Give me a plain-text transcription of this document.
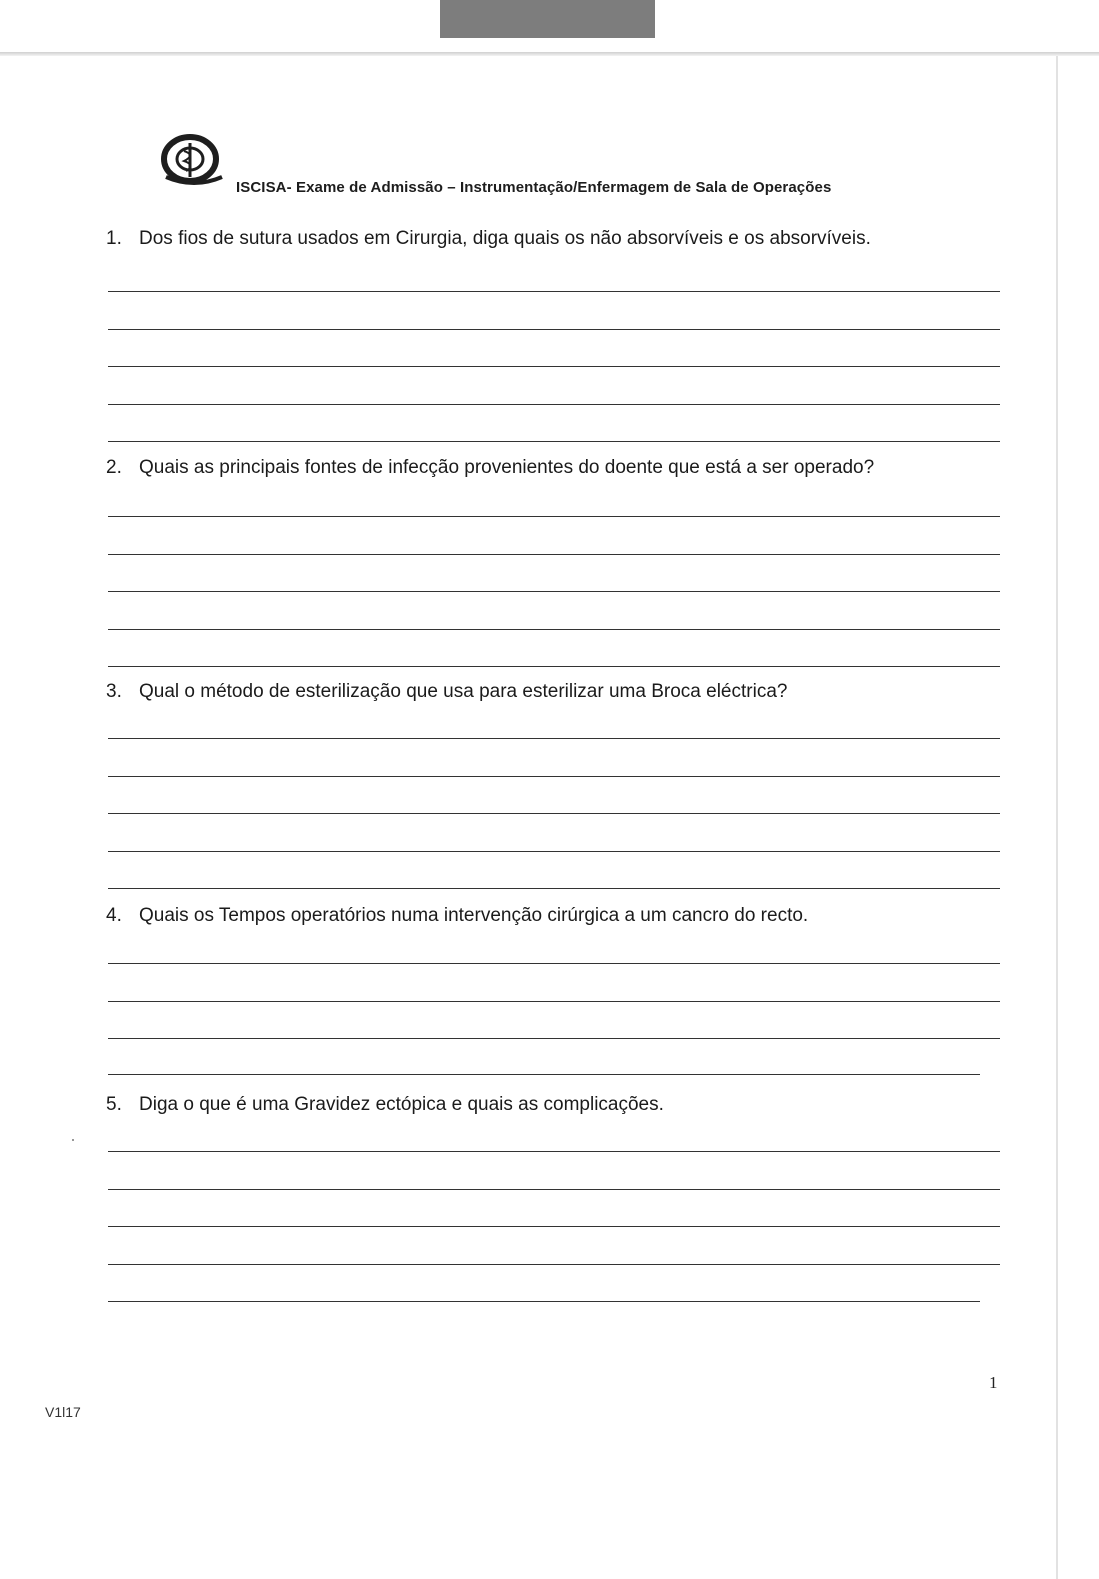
ISCISA- Exame de Admissão – Instrumentação/Enfermagem de Sala de Operações
1. Dos fios de sutura usados em Cirurgia, diga quais os não absorvíveis e os absorvíveis.
2. Quais as principais fontes de infecção provenientes do doente que está a ser operado?
3. Qual o método de esterilização que usa para esterilizar uma Broca eléctrica?
4. Quais os Tempos operatórios numa intervenção cirúrgica a um cancro do recto.
5. Diga o que é uma Gravidez ectópica e quais as complicações.
1
V1l17
